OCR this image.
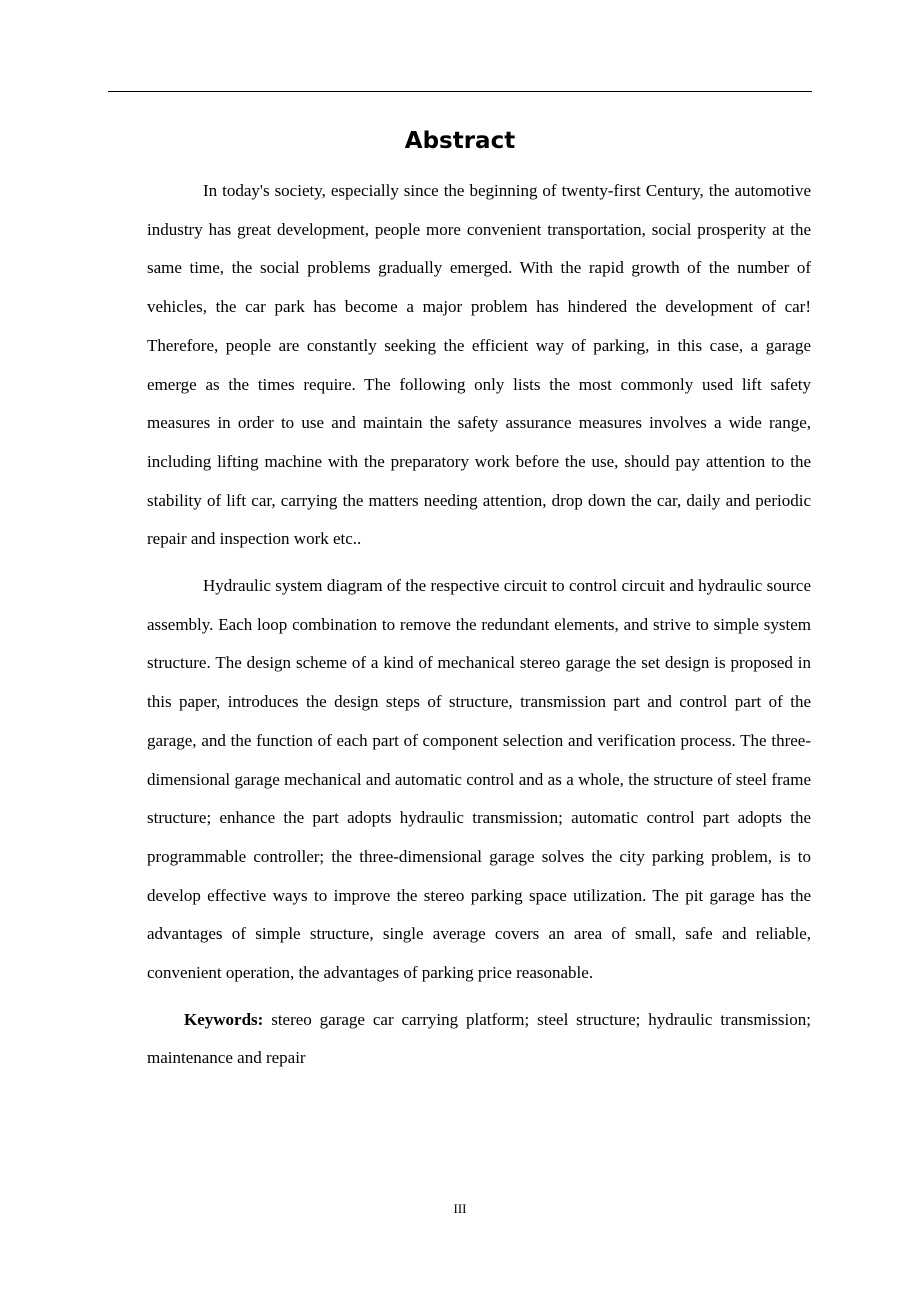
Abstract

In today's society, especially since the beginning of twenty-first Century, the automotive industry has great development, people more convenient transportation, social prosperity at the same time, the social problems gradually emerged. With the rapid growth of the number of vehicles, the car park has become a major problem has hindered the development of car! Therefore, people are constantly seeking the efficient way of parking, in this case, a garage emerge as the times require. The following only lists the most commonly used lift safety measures in order to use and maintain the safety assurance measures involves a wide range, including lifting machine with the preparatory work before the use, should pay attention to the stability of lift car, carrying the matters needing attention, drop down the car, daily and periodic repair and inspection work etc..

Hydraulic system diagram of the respective circuit to control circuit and hydraulic source assembly. Each loop combination to remove the redundant elements, and strive to simple system structure. The design scheme of a kind of mechanical stereo garage the set design is proposed in this paper, introduces the design steps of structure, transmission part and control part of the garage, and the function of each part of component selection and verification process. The three-dimensional garage mechanical and automatic control and as a whole, the structure of steel frame structure; enhance the part adopts hydraulic transmission; automatic control part adopts the programmable controller; the three-dimensional garage solves the city parking problem, is to develop effective ways to improve the stereo parking space utilization. The pit garage has the advantages of simple structure, single average covers an area of small, safe and reliable, convenient operation, the advantages of parking price reasonable.

Keywords: stereo garage car carrying platform; steel structure; hydraulic transmission; maintenance and repair

III
